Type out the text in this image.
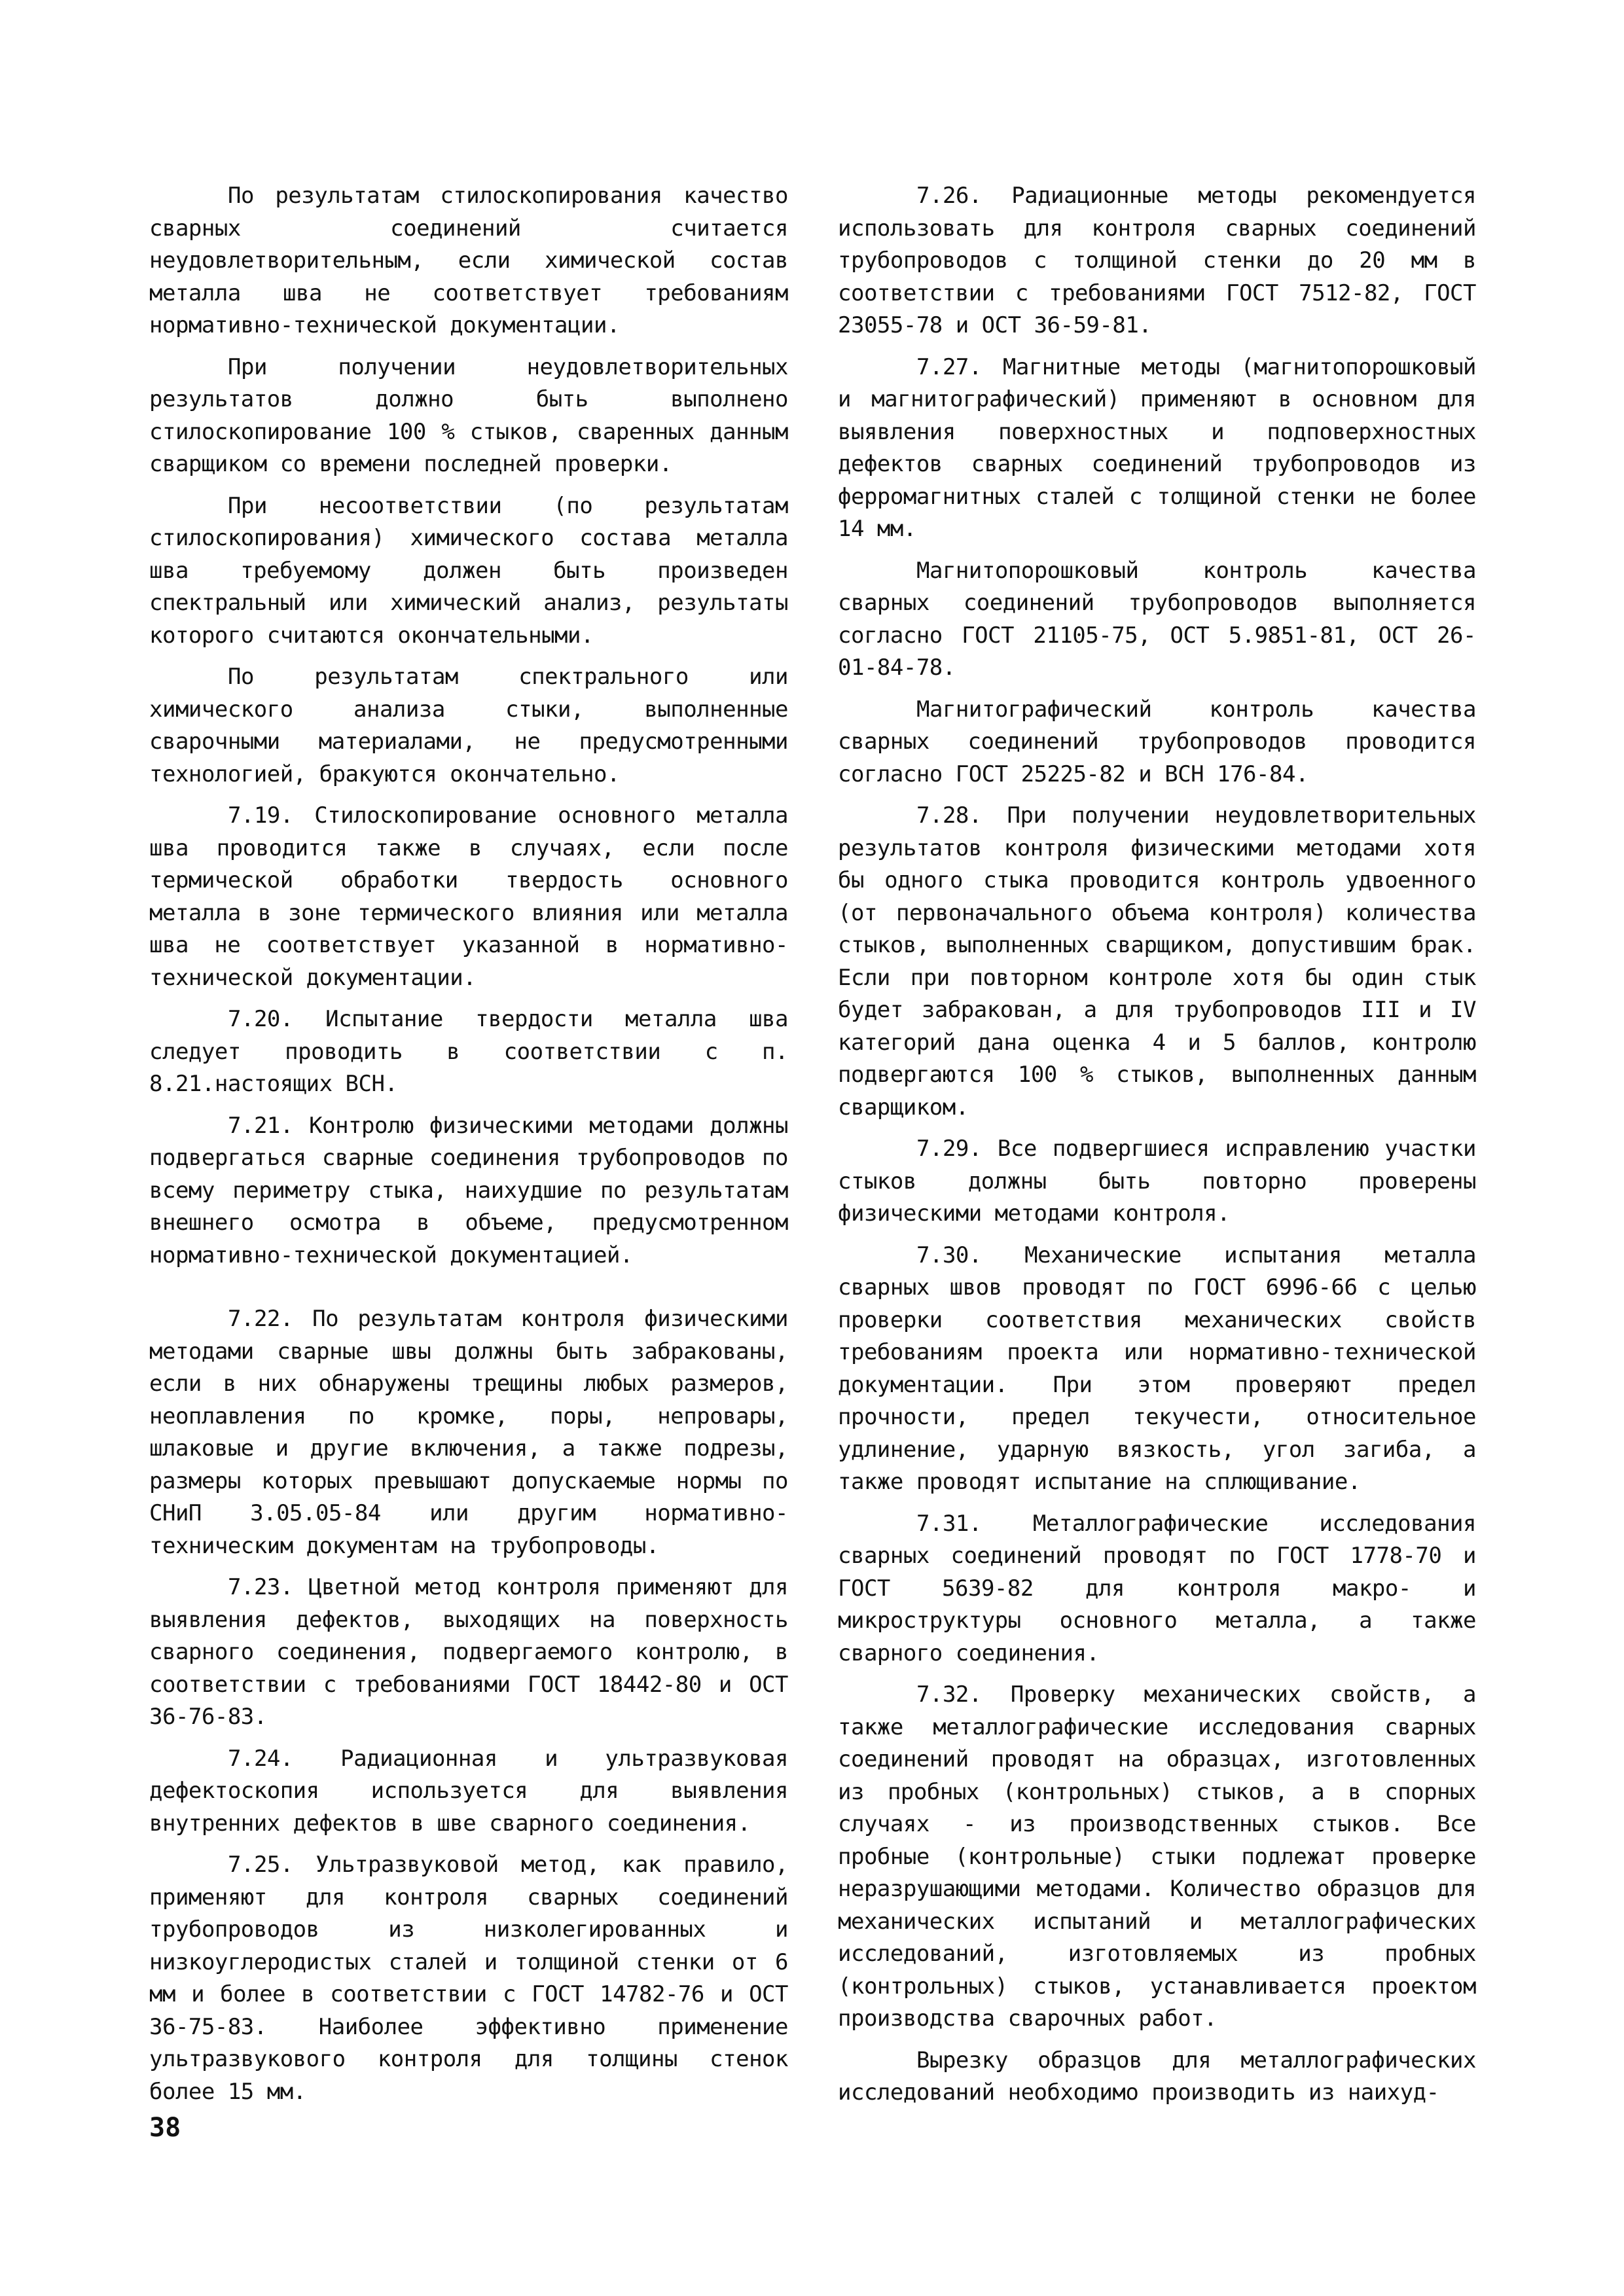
По результатам стилоскопирования качество сварных соединений считается неудовлетворительным, если химической состав металла шва не соответствует требованиям нормативно-технической документации.

При получении неудовлетворительных результатов должно быть выполнено стилоскопирование 100 % стыков, сваренных данным сварщиком со времени последней проверки.

При несоответствии (по результатам стилоскопирования) химического состава металла шва требуемому должен быть произведен спектральный или химический анализ, результаты которого считаются окончательными.

По результатам спектрального или химического анализа стыки, выполненные сварочными материалами, не предусмотренными технологией, бракуются окончательно.

7.19. Стилоскопирование основного металла шва проводится также в случаях, если после термической обработки твердость основного металла в зоне термического влияния или металла шва не соответствует указанной в нормативно-технической документации.

7.20. Испытание твердости металла шва следует проводить в соответствии с п. 8.21.настоящих ВСН.

7.21. Контролю физическими методами должны подвергаться сварные соединения трубопроводов по всему периметру стыка, наихудшие по результатам внешнего осмотра в объеме, предусмотренном нормативно-технической документацией.

7.22. По результатам контроля физическими методами сварные швы должны быть забракованы, если в них обнаружены трещины любых размеров, неоплавления по кромке, поры, непровары, шлаковые и другие включения, а также подрезы, размеры которых превышают допускаемые нормы по СНиП 3.05.05-84 или другим нормативно-техническим документам на трубопроводы.

7.23. Цветной метод контроля применяют для выявления дефектов, выходящих на поверхность сварного соединения, подвергаемого контролю, в соответствии с требованиями ГОСТ 18442-80 и ОСТ 36-76-83.

7.24. Радиационная и ультразвуковая дефектоскопия используется для выявления внутренних дефектов в шве сварного соединения.

7.25. Ультразвуковой метод, как правило, применяют для контроля сварных соединений трубопроводов из низколегированных и низкоуглеродистых сталей и толщиной стенки от 6 мм и более в соответствии с ГОСТ 14782-76 и ОСТ 36-75-83. Наиболее эффективно применение ультразвукового контроля для толщины стенок более 15 мм.

7.26. Радиационные методы рекомендуется использовать для контроля сварных соединений трубопроводов с толщиной стенки до 20 мм в соответствии с требованиями ГОСТ 7512-82, ГОСТ 23055-78 и ОСТ 36-59-81.

7.27. Магнитные методы (магнитопорошковый и магнитографический) применяют в основном для выявления поверхностных и подповерхностных дефектов сварных соединений трубопроводов из ферромагнитных сталей с толщиной стенки не более 14 мм.

Магнитопорошковый контроль качества сварных соединений трубопроводов выполняется согласно ГОСТ 21105-75, ОСТ 5.9851-81, ОСТ 26-01-84-78.

Магнитографический контроль качества сварных соединений трубопроводов проводится согласно ГОСТ 25225-82 и ВСН 176-84.

7.28. При получении неудовлетворительных результатов контроля физическими методами хотя бы одного стыка проводится контроль удвоенного (от первоначального объема контроля) количества стыков, выполненных сварщиком, допустившим брак. Если при повторном контроле хотя бы один стык будет забракован, а для трубопроводов III и IV категорий дана оценка 4 и 5 баллов, контролю подвергаются 100 % стыков, выполненных данным сварщиком.

7.29. Все подвергшиеся исправлению участки стыков должны быть повторно проверены физическими методами контроля.

7.30. Механические испытания металла сварных швов проводят по ГОСТ 6996-66 с целью проверки соответствия механических свойств требованиям проекта или нормативно-технической документации. При этом проверяют предел прочности, предел текучести, относительное удлинение, ударную вязкость, угол загиба, а также проводят испытание на сплющивание.

7.31. Металлографические исследования сварных соединений проводят по ГОСТ 1778-70 и ГОСТ 5639-82 для контроля макро- и микроструктуры основного металла, а также сварного соединения.

7.32. Проверку механических свойств, а также металлографические исследования сварных соединений проводят на образцах, изготовленных из пробных (контрольных) стыков, а в спорных случаях - из производственных стыков. Все пробные (контрольные) стыки подлежат проверке неразрушающими методами. Количество образцов для механических испытаний и металлографических исследований, изготовляемых из пробных (контрольных) стыков, устанавливается проектом производства сварочных работ.

Вырезку образцов для металлографических исследований необходимо производить из наихуд-

38
